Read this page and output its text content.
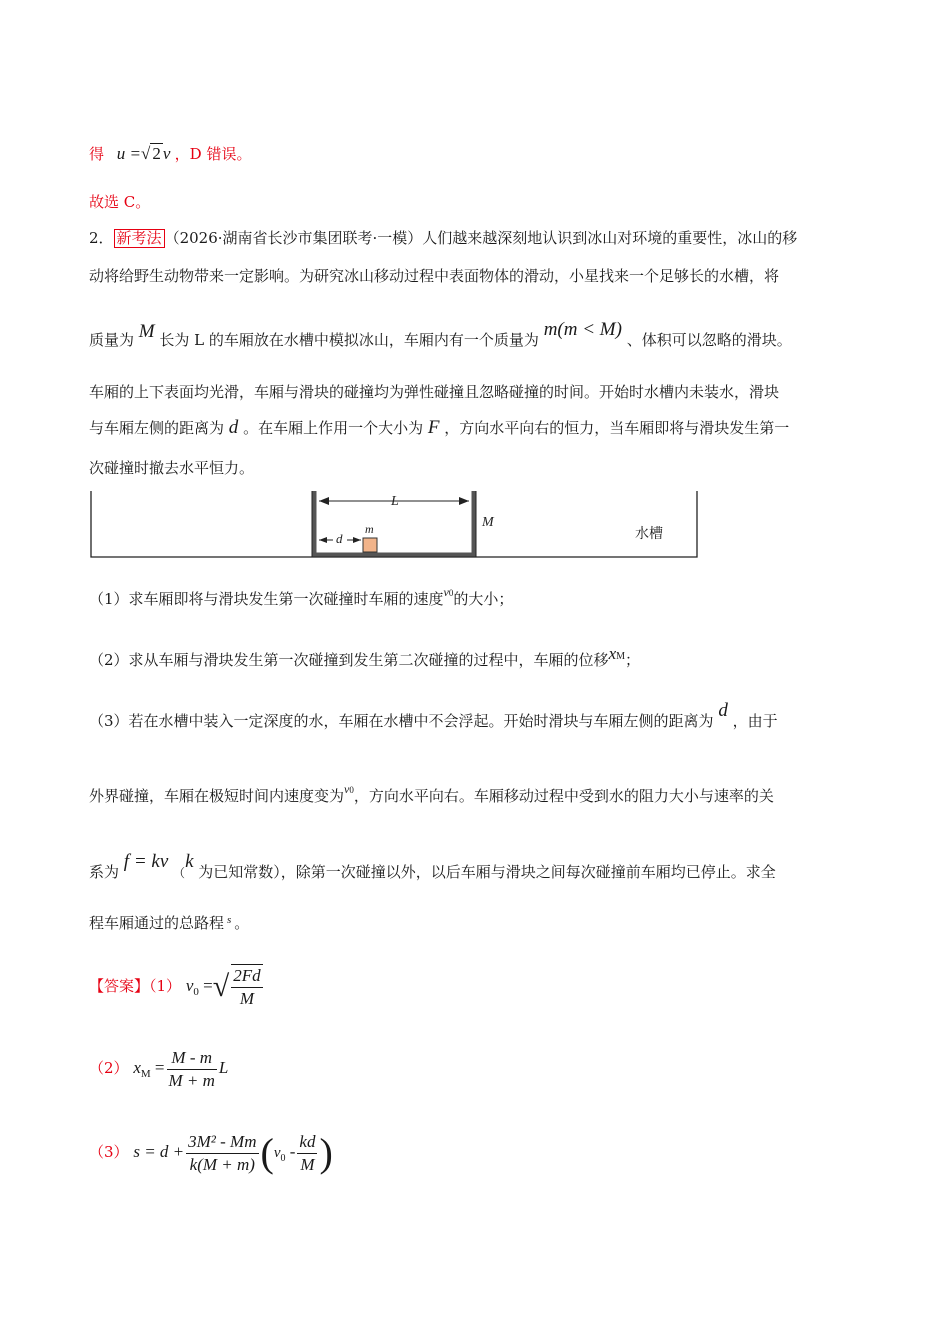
得 u =√ 2 v ，D 错误。
故选 C。
2． 新考法 （2026·湖南省长沙市集团联考·一模）人们越来越深刻地认识到冰山对环境的重要性，冰山的移
动将给野生动物带来一定影响。为研究冰山移动过程中表面物体的滑动，小星找来一个足够长的水槽，将
质量为 M 长为 L 的车厢放在水槽中模拟冰山，车厢内有一个质量为 m(m < M) 、体积可以忽略的滑块。
车厢的上下表面均光滑，车厢与滑块的碰撞均为弹性碰撞且忽略碰撞的时间。开始时水槽内未装水，滑块
与车厢左侧的距离为 d 。在车厢上作用一个大小为 F ，方向水平向右的恒力，当车厢即将与滑块发生第一
次碰撞时撤去水平恒力。
L
M
m
d	水槽
（1）求车厢即将与滑块发生第一次碰撞时车厢的速度$^{v0}$的大小；
（2）求从车厢与滑块发生第一次碰撞到发生第二次碰撞的过程中，车厢的位移xM；
（3）若在水槽中装入一定深度的水，车厢在水槽中不会浮起。开始时滑块与车厢左侧的距离为 d ，由于
外界碰撞，车厢在极短时间内速度变为$^{v0}$，方向水平向右。车厢移动过程中受到水的阻力大小与速率的关
系为 f = kv （k 为已知常数），除第一次碰撞以外，以后车厢与滑块之间每次碰撞前车厢均已停止。求全
程车厢通过的总路程 $^s$ 。
【答案】（1） $v_0$ =√ $\frac{2Fd}{M}$
（2） $x_M = \frac{M - m}{M + m}$ L
（3） $s = d + \frac{\text{3M² - Mm}}{k(M + m)} (v_0 - \frac{kd}{M}$ )
